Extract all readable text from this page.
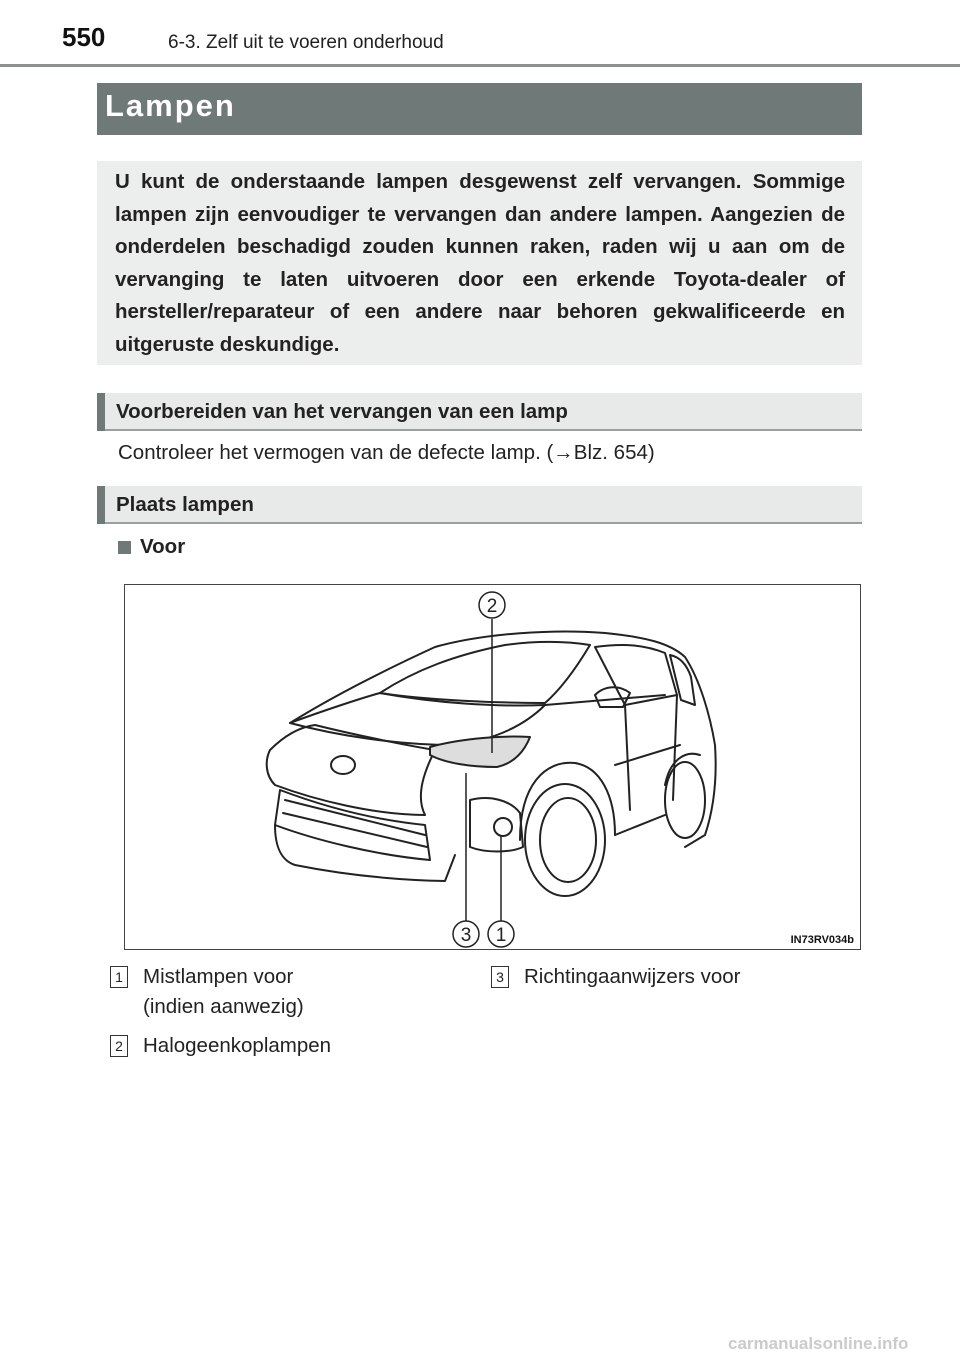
550	6-3. Zelf uit te voeren onderhoud
Lampen

U kunt de onderstaande lampen desgewenst zelf vervangen. Sommige lampen zijn eenvoudiger te vervangen dan andere lampen. Aangezien de onderdelen beschadigd zouden kunnen raken, raden wij u aan om de vervanging te laten uitvoeren door een erkende Toyota-dealer of hersteller/reparateur of een andere naar behoren gekwalificeerde en uitgeruste deskundige.

Voorbereiden van het vervangen van een lamp
Controleer het vermogen van de defecte lamp. (→Blz. 654)
Plaats lampen
Voor
2
3 1	IN73RV034b
1 Mistlampen voor
(indien aanwezig)
2 Halogeenkoplampen
3 Richtingaanwijzers voor
carmanualsonline.info
